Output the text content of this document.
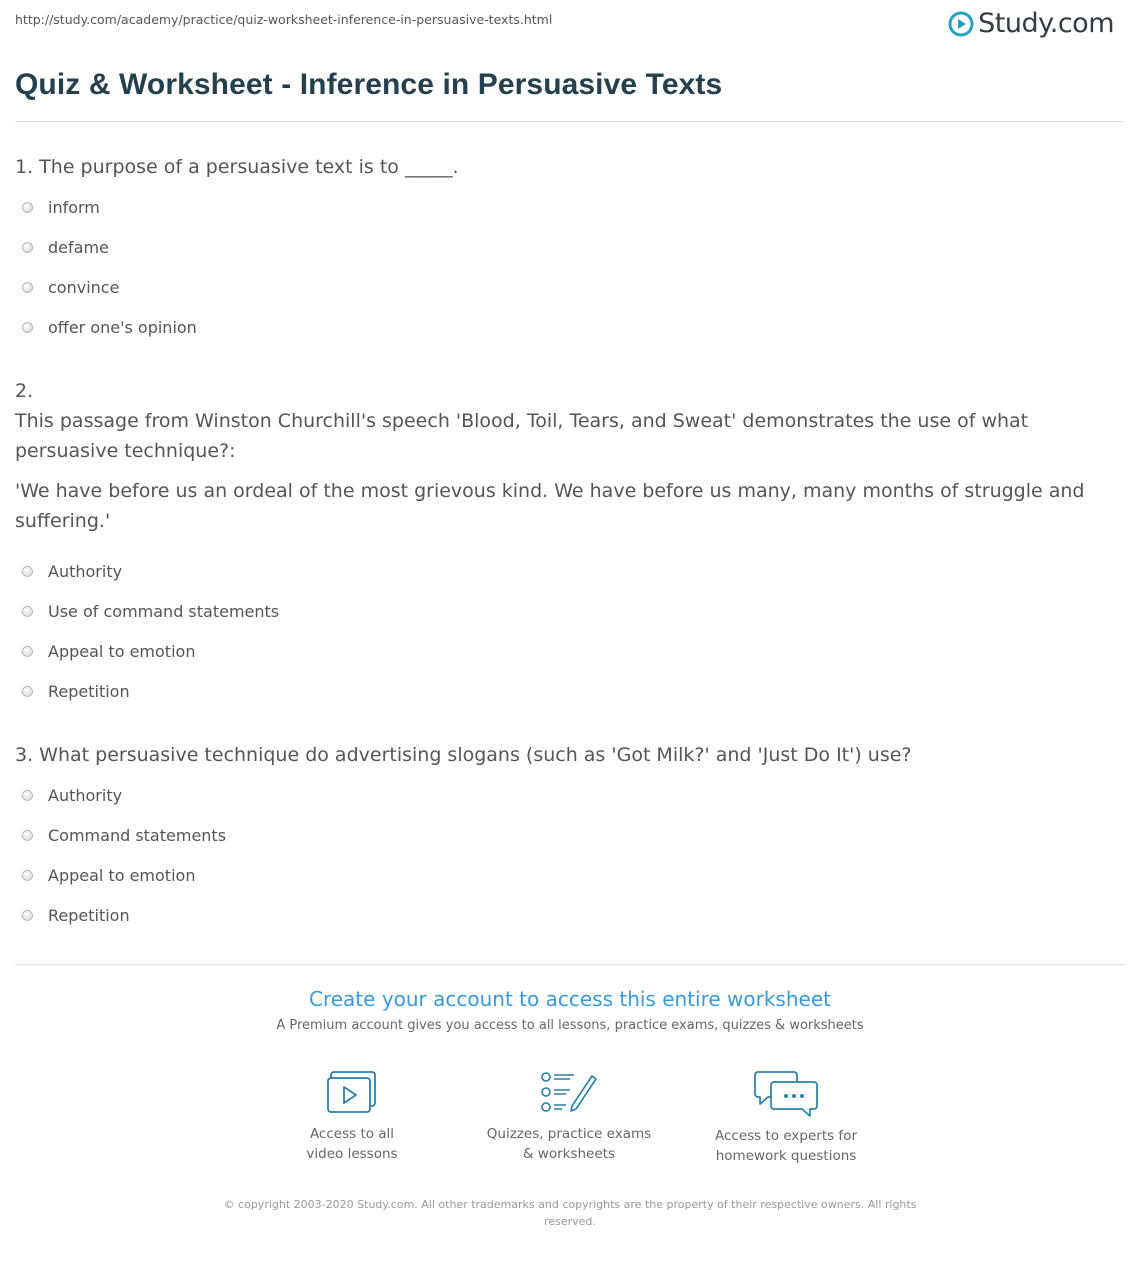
http://study.com/academy/practice/quiz-worksheet-inference-in-persuasive-texts.html	Study.com
Quiz & Worksheet - Inference in Persuasive Texts
1. The purpose of a persuasive text is to _____.
inform
defame
convince
offer one's opinion
2.
This passage from Winston Churchill's speech 'Blood, Toil, Tears, and Sweat' demonstrates the use of what persuasive technique?:
'We have before us an ordeal of the most grievous kind. We have before us many, many months of struggle and suffering.'
Authority
Use of command statements
Appeal to emotion
Repetition
3. What persuasive technique do advertising slogans (such as 'Got Milk?' and 'Just Do It') use?
Authority
Command statements
Appeal to emotion
Repetition
Create your account to access this entire worksheet
A Premium account gives you access to all lessons, practice exams, quizzes & worksheets
Access to all
video lessons
Quizzes, practice exams
& worksheets
Access to experts for
homework questions
© copyright 2003-2020 Study.com. All other trademarks and copyrights are the property of their respective owners. All rights reserved.
